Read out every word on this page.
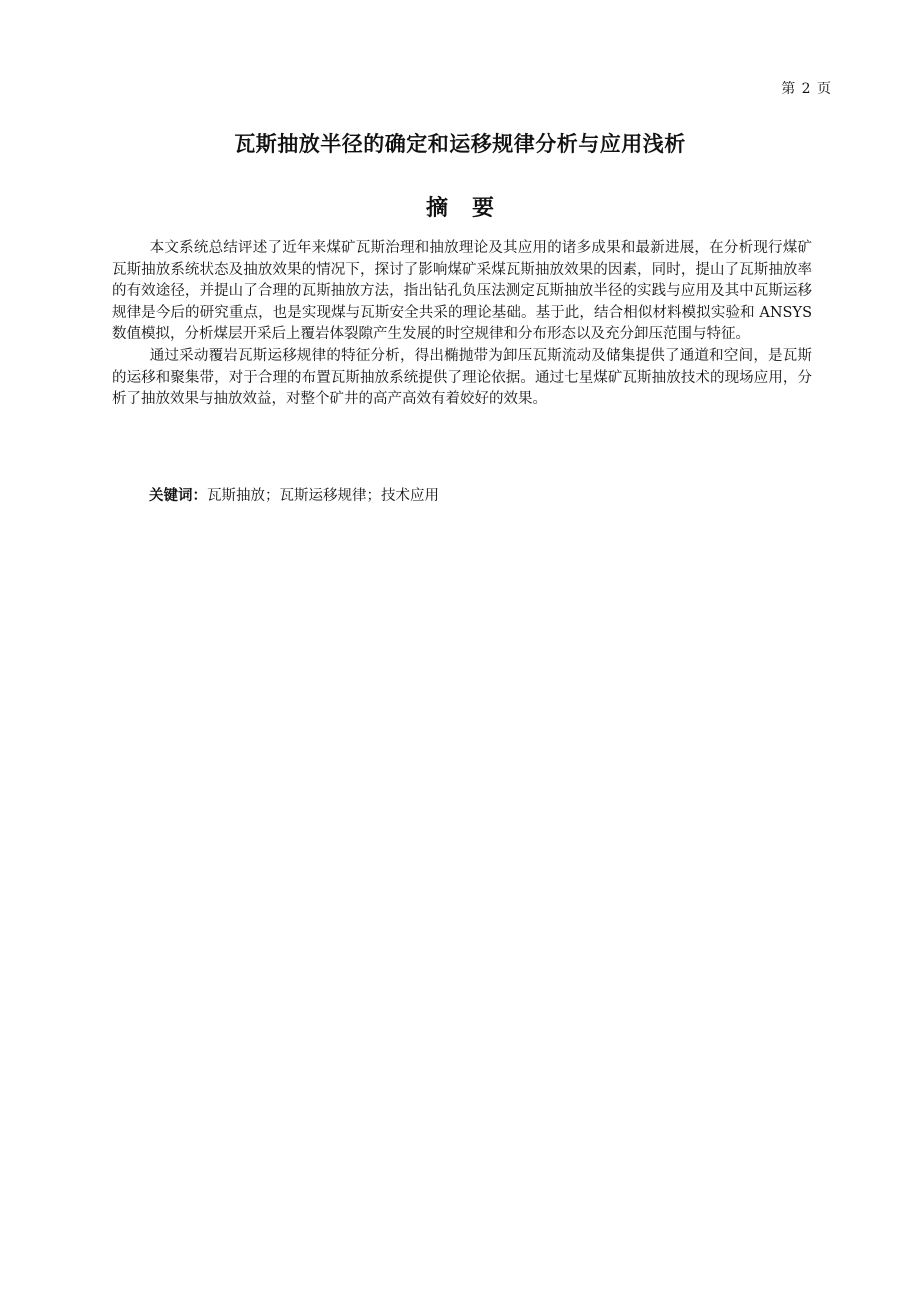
第 2 页
瓦斯抽放半径的确定和运移规律分析与应用浅析
摘要

本文系统总结评述了近年来煤矿瓦斯治理和抽放理论及其应用的诸多成果和最新进展，在分析现行煤矿瓦斯抽放系统状态及抽放效果的情况下，探讨了影响煤矿采煤瓦斯抽放效果的因素，同时，提山了瓦斯抽放率的有效途径，并提山了合理的瓦斯抽放方法，指出钻孔负压法测定瓦斯抽放半径的实践与应用及其中瓦斯运移规律是今后的研究重点，也是实现煤与瓦斯安全共采的理论基础。基于此，结合相似材料模拟实验和 ANSYS 数值模拟，分析煤层开采后上覆岩体裂隙产生发展的时空规律和分布形态以及充分卸压范围与特征。

通过采动覆岩瓦斯运移规律的特征分析，得出椭抛带为卸压瓦斯流动及储集提供了通道和空间，是瓦斯的运移和聚集带，对于合理的布置瓦斯抽放系统提供了理论依据。通过七星煤矿瓦斯抽放技术的现场应用，分析了抽放效果与抽放效益，对整个矿井的高产高效有着姣好的效果。

关键词：瓦斯抽放；瓦斯运移规律；技术应用
